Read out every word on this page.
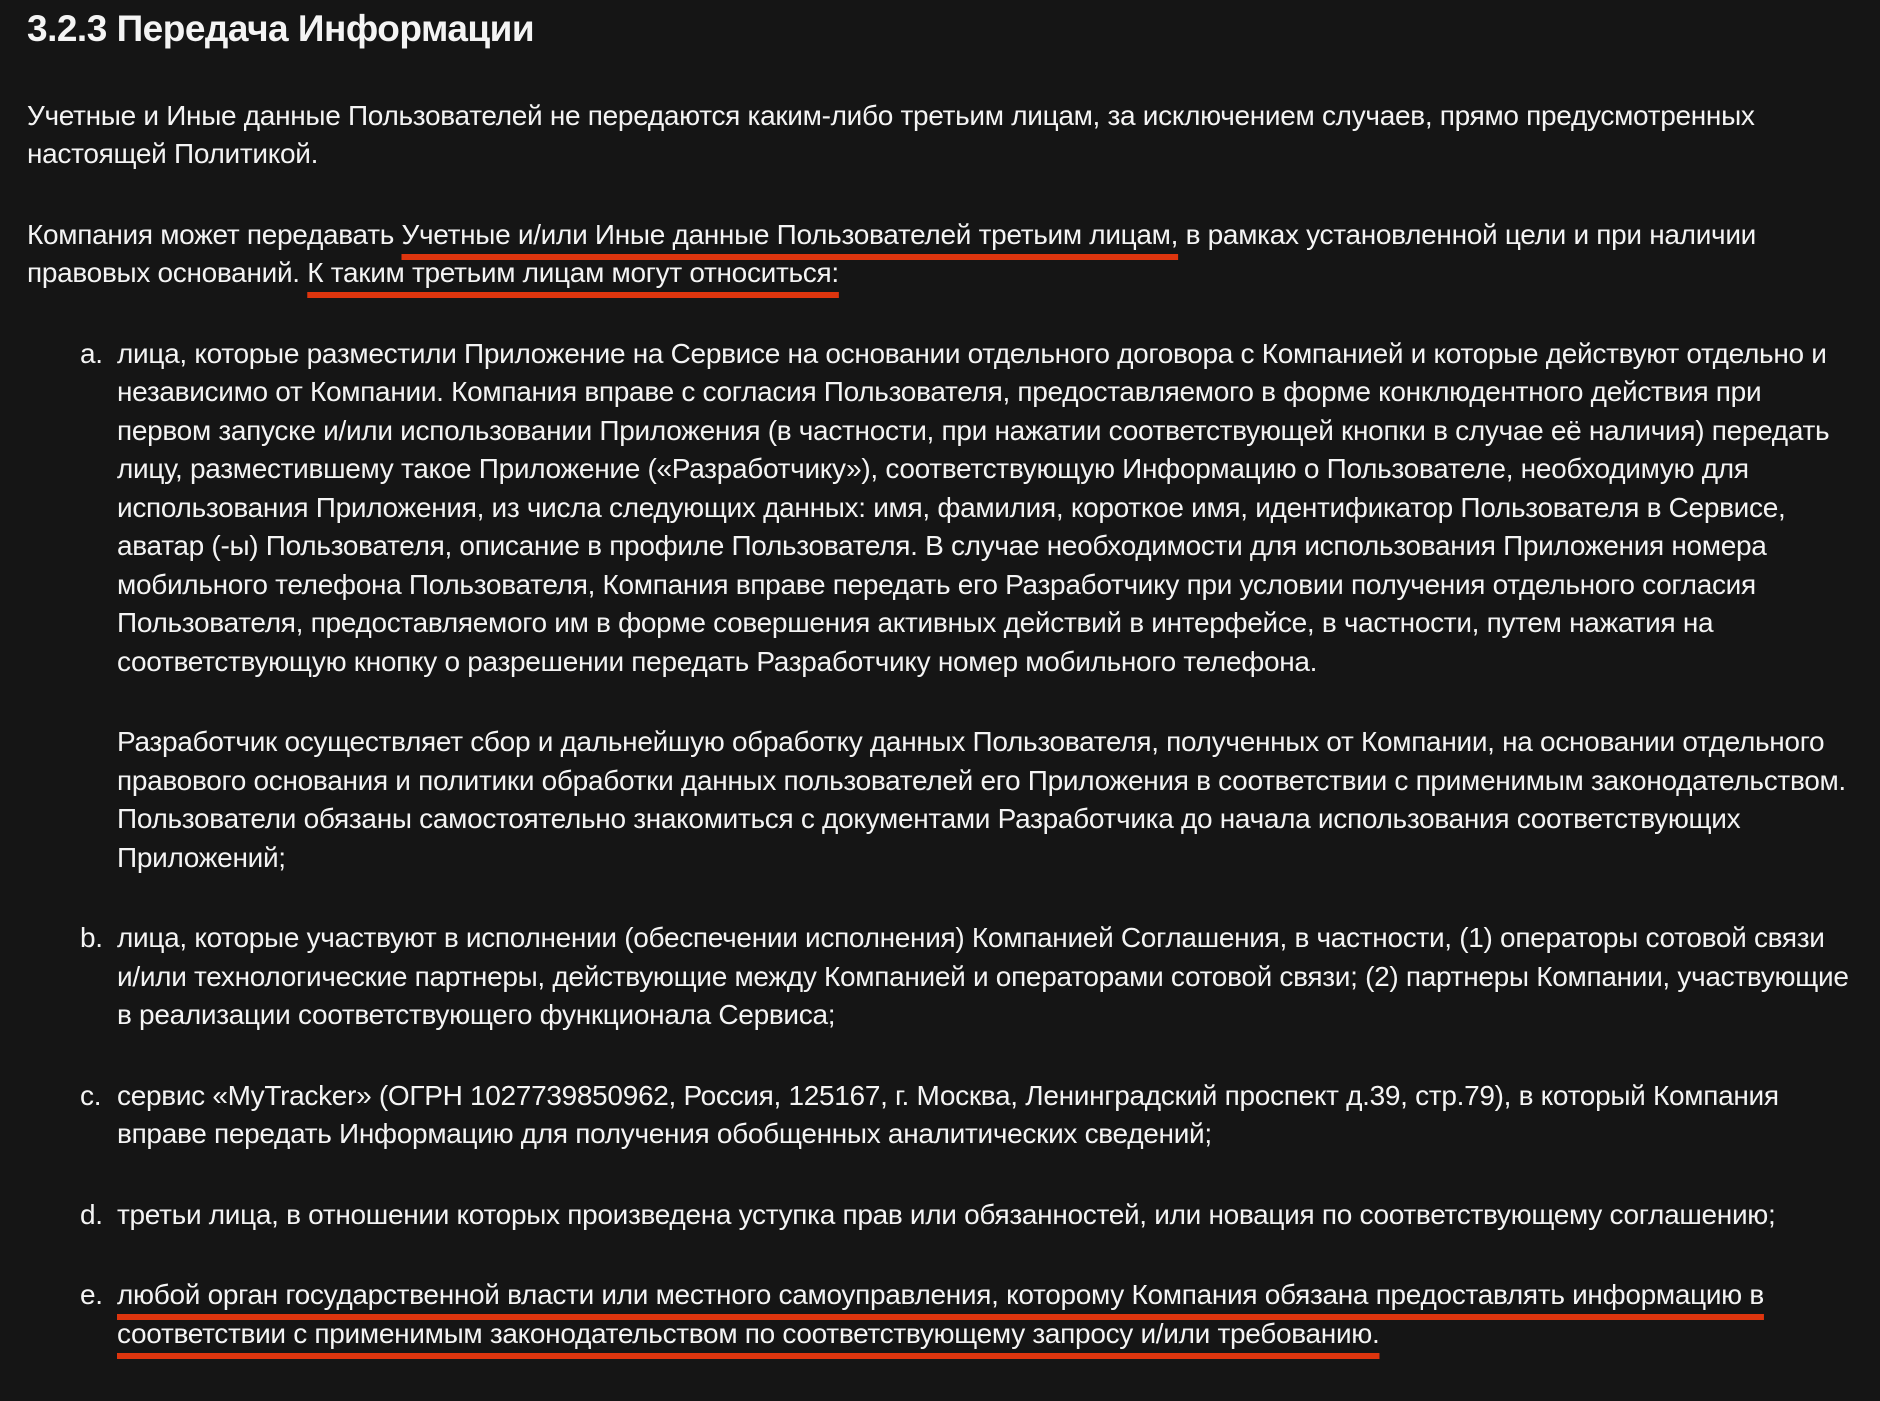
3.2.3 Передача Информации

Учетные и Иные данные Пользователей не передаются каким-либо третьим лицам, за исключением случаев, прямо предусмотренных настоящей Политикой.

Компания может передавать Учетные и/или Иные данные Пользователей третьим лицам, в рамках установленной цели и при наличии правовых оснований. К таким третьим лицам могут относиться:

a. лица, которые разместили Приложение на Сервисе на основании отдельного договора с Компанией и которые действуют отдельно и независимо от Компании. Компания вправе с согласия Пользователя, предоставляемого в форме конклюдентного действия при первом запуске и/или использовании Приложения (в частности, при нажатии соответствующей кнопки в случае её наличия) передать лицу, разместившему такое Приложение («Разработчику»), соответствующую Информацию о Пользователе, необходимую для использования Приложения, из числа следующих данных: имя, фамилия, короткое имя, идентификатор Пользователя в Сервисе, аватар (-ы) Пользователя, описание в профиле Пользователя. В случае необходимости для использования Приложения номера мобильного телефона Пользователя, Компания вправе передать его Разработчику при условии получения отдельного согласия Пользователя, предоставляемого им в форме совершения активных действий в интерфейсе, в частности, путем нажатия на соответствующую кнопку о разрешении передать Разработчику номер мобильного телефона.

Разработчик осуществляет сбор и дальнейшую обработку данных Пользователя, полученных от Компании, на основании отдельного правового основания и политики обработки данных пользователей его Приложения в соответствии с применимым законодательством. Пользователи обязаны самостоятельно знакомиться с документами Разработчика до начала использования соответствующих Приложений;

b. лица, которые участвуют в исполнении (обеспечении исполнения) Компанией Соглашения, в частности, (1) операторы сотовой связи и/или технологические партнеры, действующие между Компанией и операторами сотовой связи; (2) партнеры Компании, участвующие в реализации соответствующего функционала Сервиса;

c. сервис «MyTracker» (ОГРН 1027739850962, Россия, 125167, г. Москва, Ленинградский проспект д.39, стр.79), в который Компания вправе передать Информацию для получения обобщенных аналитических сведений;

d. третьи лица, в отношении которых произведена уступка прав или обязанностей, или новация по соответствующему соглашению;

e. любой орган государственной власти или местного самоуправления, которому Компания обязана предоставлять информацию в соответствии с применимым законодательством по соответствующему запросу и/или требованию.
